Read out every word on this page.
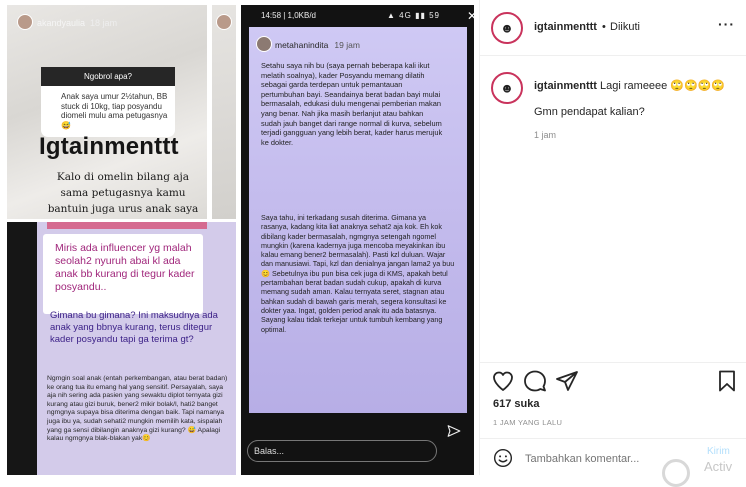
akandyaulia 18 jam
Ngobrol apa?
Anak saya umur 2½tahun, BB stuck di 10kg, tiap posyandu diomeli mulu ama petugasnya 😅
Igtainmenttt
Kalo di omelin bilang aja sama petugasnya kamu bantuin juga urus anak saya
Miris ada influencer yg malah seolah2 nyuruh abai kl ada anak bb kurang di tegur kader posyandu..
Gimana bu gimana? Ini maksudnya ada anak yang bbnya kurang, terus ditegur kader posyandu tapi ga terima gt?
Ngmgin soal anak (entah perkembangan, atau berat badan) ke orang tua itu emang hal yang sensitif. Persayalah, saya aja nih sering ada pasien yang sewaktu diplot ternyata gizi kurang atau gizi buruk, bener2 mikir bolak/l, hati2 banget ngmgnya supaya bisa diterima dengan baik. Tapi namanya juga ibu ya, sudah sehati2 mungkin memilih kata, sispalah yang ga sensi dibilangin anaknya gizi kurang? 😅 Apalagi kalau ngmgnya blak-blakan yak😊
14:58 | 1,0KB/d	▲ 4G ▮▮ 59 ✕
metahanindita 19 jam
Setahu saya nih bu (saya pernah beberapa kali ikut melatih soalnya), kader Posyandu memang dilatih sebagai garda terdepan untuk pemantauan pertumbuhan bayi. Seandainya berat badan bayi mulai bermasalah, edukasi dulu mengenai pemberian makan yang benar. Nah jika masih berlanjut atau bahkan sudah jauh banget dari range normal di kurva, sebelum terjadi gangguan yang lebih berat, kader harus merujuk ke dokter.
Saya tahu, ini terkadang susah diterima. Gimana ya rasanya, kadang kita liat anaknya sehat2 aja kok. Eh kok dibilang kader bermasalah, ngmgnya setengah ngomel mungkin (karena kadernya juga mencoba meyakinkan ibu kalau emang bener2 bermasalah). Pasti kzl duluan. Wajar dan manusiawi. Tapi, kzl dan denialnya jangan lama2 ya buu😊 Sebetulnya ibu pun bisa cek juga di KMS, apakah betul pertambahan berat badan sudah cukup, apakah di kurva memang sudah aman. Kalau ternyata seret, stagnan atau bahkan sudah di bawah garis merah, segera konsultasi ke dokter yaa. Ingat, golden period anak itu ada batasnya. Sayang kalau tidak terkejar untuk tumbuh kembang yang optimal.
Balas...
☻ igtainmenttt • Diikuti	···
☻ igtainmenttt Lagi rameeee 🙄🙄🙄🙄
Gmn pendapat kalian?
1 jam
617 suka
1 JAM YANG LALU
Tambahkan komentar...
Kirim
Activ
